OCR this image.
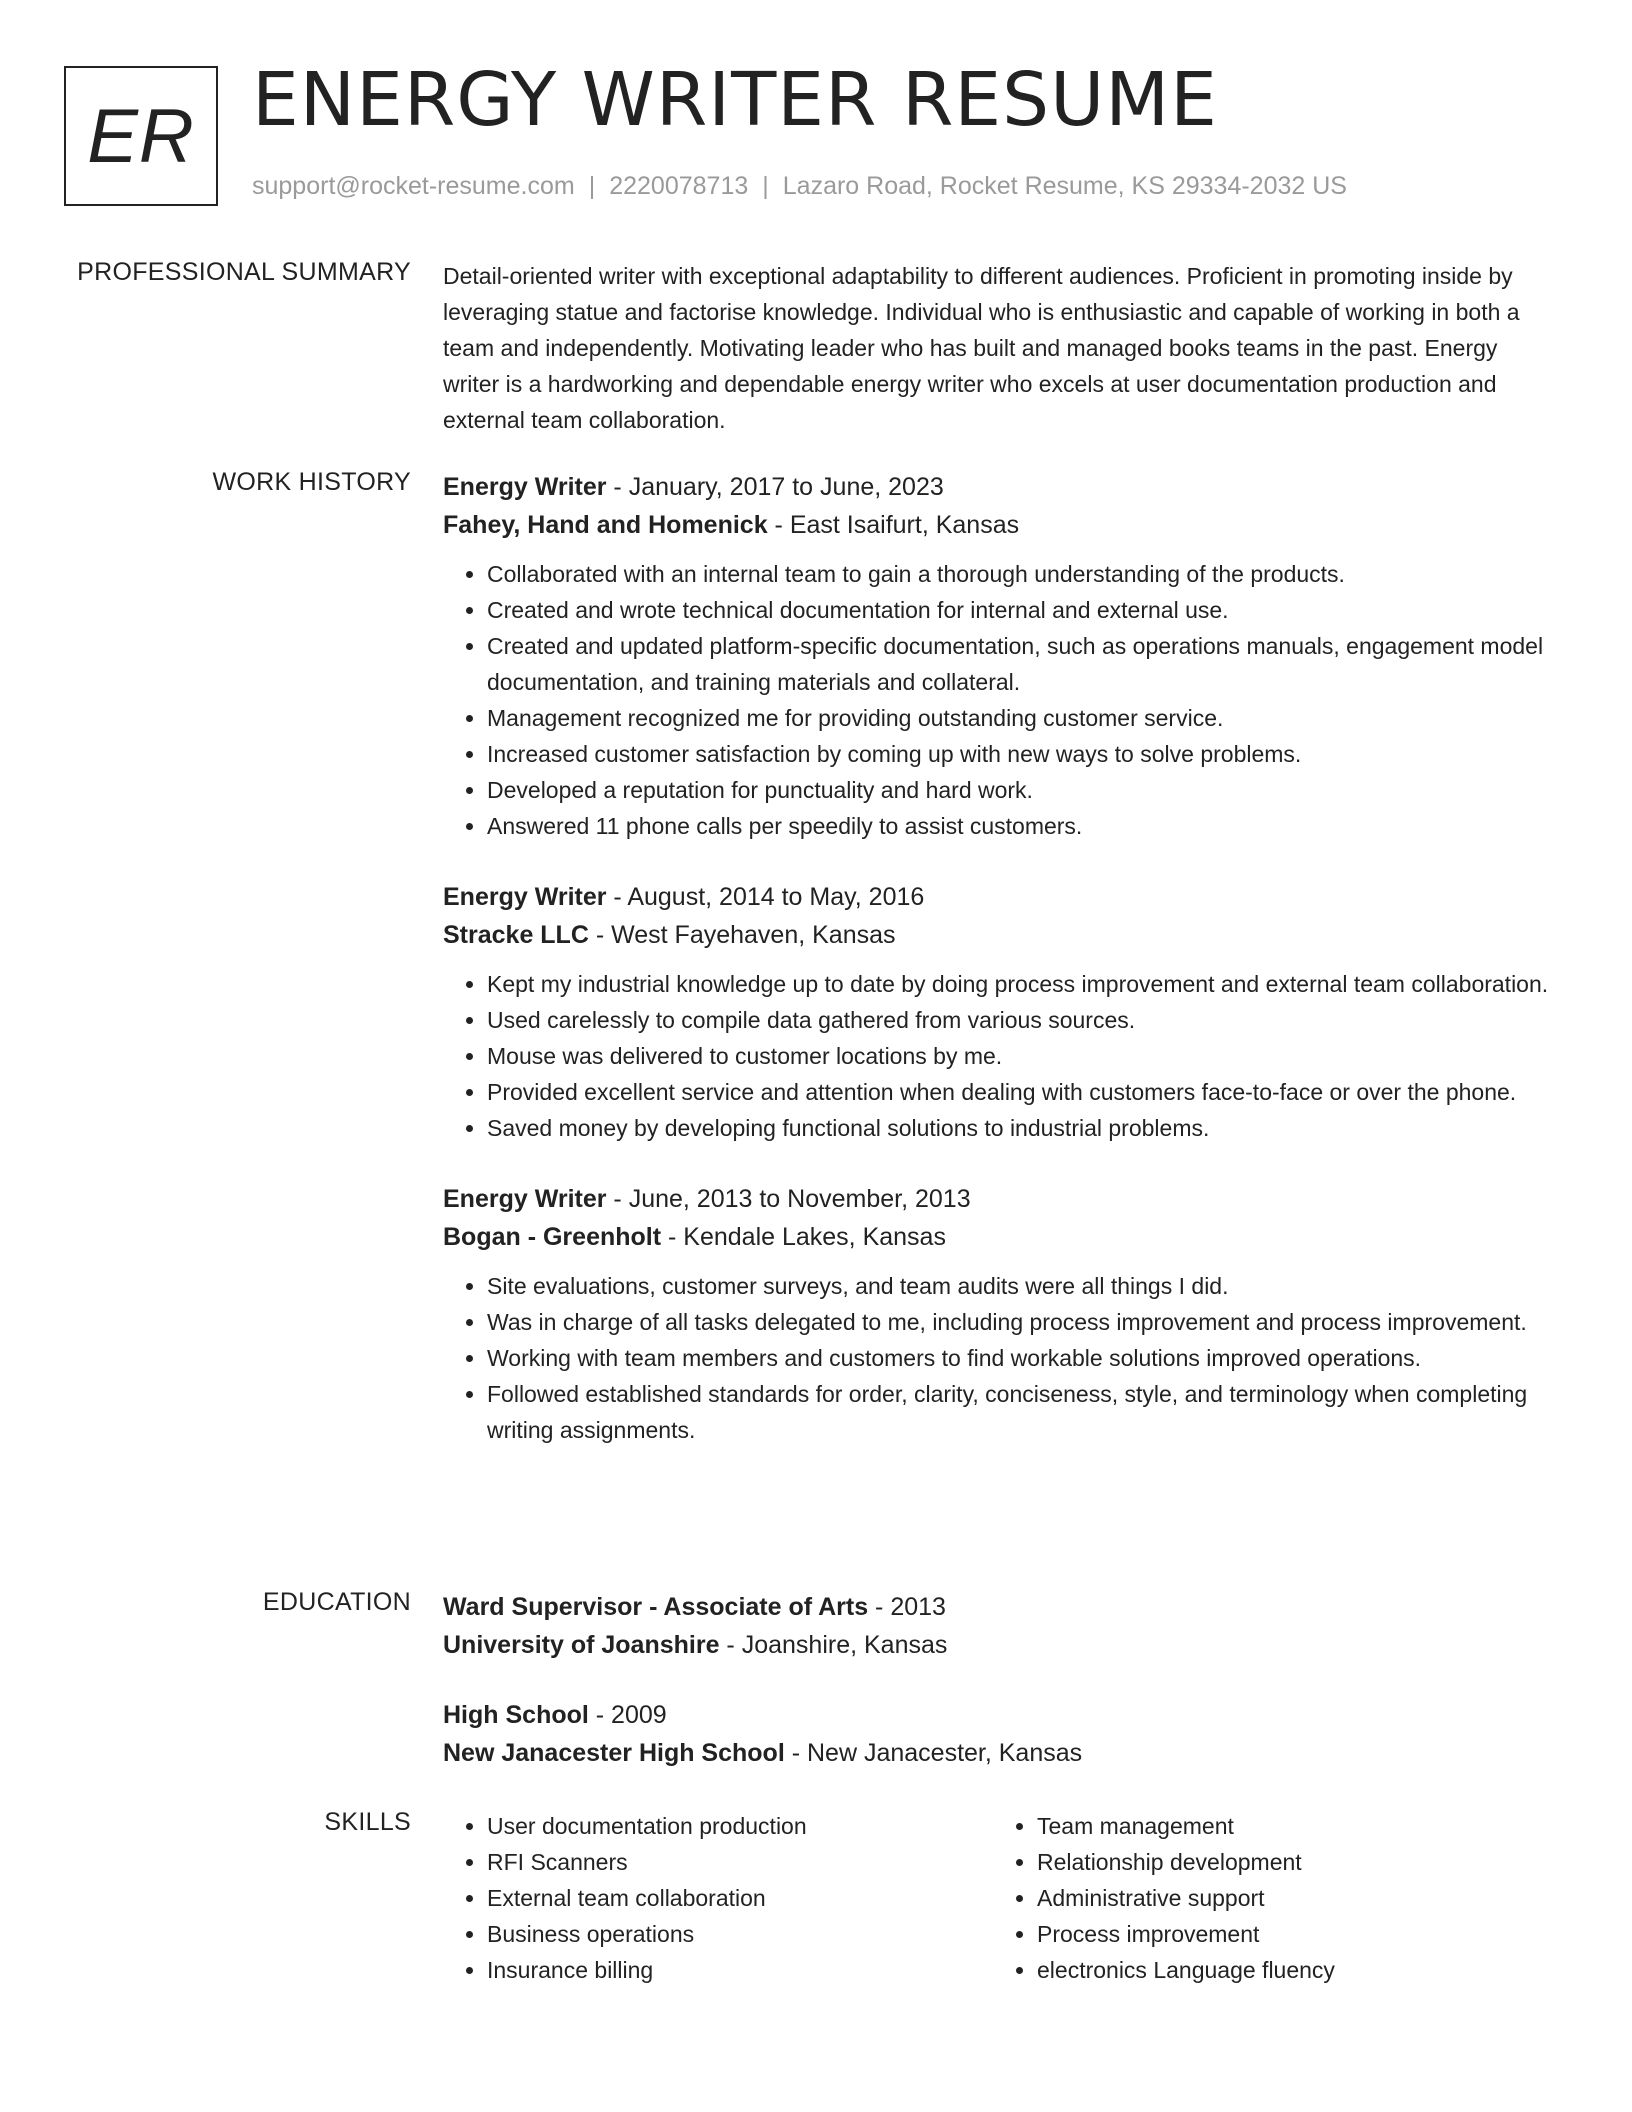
ER ENERGY WRITER RESUME
support@rocket-resume.com | 2220078713 | Lazaro Road, Rocket Resume, KS 29334-2032 US
PROFESSIONAL SUMMARY Detail-oriented writer with exceptional adaptability to different audiences. Proficient in promoting inside by leveraging statue and factorise knowledge. Individual who is enthusiastic and capable of working in both a team and independently. Motivating leader who has built and managed books teams in the past. Energy writer is a hardworking and dependable energy writer who excels at user documentation production and external team collaboration.

WORK HISTORY Energy Writer - January, 2017 to June, 2023

Fahey, Hand and Homenick - East Isaifurt, Kansas

• Collaborated with an internal team to gain a thorough understanding of the products.
• Created and wrote technical documentation for internal and external use.
• Created and updated platform-specific documentation, such as operations manuals, engagement model documentation, and training materials and collateral.
• Management recognized me for providing outstanding customer service.
• Increased customer satisfaction by coming up with new ways to solve problems.
• Developed a reputation for punctuality and hard work.
• Answered 11 phone calls per speedily to assist customers.

Energy Writer - August, 2014 to May, 2016

Stracke LLC - West Fayehaven, Kansas

• Kept my industrial knowledge up to date by doing process improvement and external team collaboration.
• Used carelessly to compile data gathered from various sources.
• Mouse was delivered to customer locations by me.
• Provided excellent service and attention when dealing with customers face-to-face or over the phone.
• Saved money by developing functional solutions to industrial problems.

Energy Writer - June, 2013 to November, 2013

Bogan - Greenholt - Kendale Lakes, Kansas

• Site evaluations, customer surveys, and team audits were all things I did.
• Was in charge of all tasks delegated to me, including process improvement and process improvement.
• Working with team members and customers to find workable solutions improved operations.
• Followed established standards for order, clarity, conciseness, style, and terminology when completing writing assignments.
EDUCATION Ward Supervisor - Associate of Arts - 2013

University of Joanshire - Joanshire, Kansas

High School - 2009

New Janacester High School - New Janacester, Kansas

SKILLS
•	User documentation production
• RFI Scanners
• External team collaboration
• Business operations
• Insurance billing
• Team management
• Relationship development
• Administrative support
• Process improvement
• electronics Language fluency
